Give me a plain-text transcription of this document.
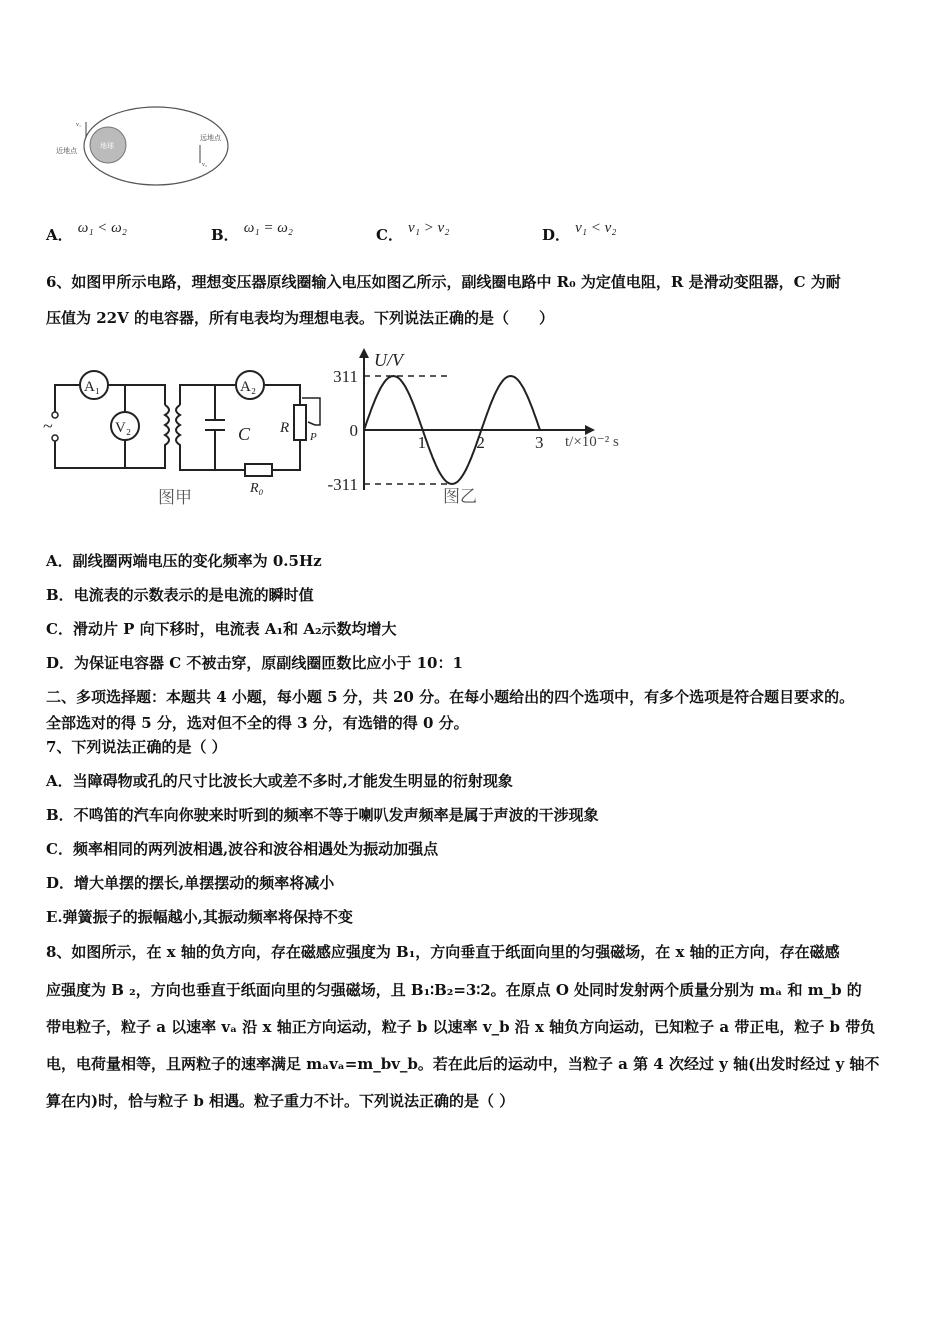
地球
v₁
近地点
v₂
远地点
A． ω₁ < ω₂	B． ω₁ = ω₂	C． v₁ > v₂	D． v₁ < v₂
6、如图甲所示电路，理想变压器原线圈输入电压如图乙所示，副线圈电路中 R₀ 为定值电阻，R 是滑动变阻器，C 为耐
压值为 22V 的电容器，所有电表均为理想电表。下列说法正确的是（　　）
~
A₁
V₂	C
A₂
R
P
R₀
图甲
U/V
t/×10⁻² s
311
0
-311
1	2	3
图乙
A．副线圈两端电压的变化频率为 0.5Hz
B．电流表的示数表示的是电流的瞬时值
C．滑动片 P 向下移时，电流表 A₁和 A₂示数均增大
D．为保证电容器 C 不被击穿，原副线圈匝数比应小于 10：1
二、多项选择题：本题共 4 小题，每小题 5 分，共 20 分。在每小题给出的四个选项中，有多个选项是符合题目要求的。
全部选对的得 5 分，选对但不全的得 3 分，有选错的得 0 分。
7、下列说法正确的是（ ）
A．当障碍物或孔的尺寸比波长大或差不多时,才能发生明显的衍射现象
B．不鸣笛的汽车向你驶来时听到的频率不等于喇叭发声频率是属于声波的干涉现象
C．频率相同的两列波相遇,波谷和波谷相遇处为振动加强点
D．增大单摆的摆长,单摆摆动的频率将减小
E.弹簧振子的振幅越小,其振动频率将保持不变
8、如图所示，在 x 轴的负方向，存在磁感应强度为 B₁，方向垂直于纸面向里的匀强磁场，在 x 轴的正方向，存在磁感
应强度为 B ₂，方向也垂直于纸面向里的匀强磁场，且 B₁∶B₂=3∶2。在原点 O 处同时发射两个质量分别为 mₐ 和 m_b 的
带电粒子，粒子 a 以速率 vₐ 沿 x 轴正方向运动，粒子 b 以速率 v_b 沿 x 轴负方向运动，已知粒子 a 带正电，粒子 b 带负
电，电荷量相等，且两粒子的速率满足 mₐvₐ=m_bv_b。若在此后的运动中，当粒子 a 第 4 次经过 y 轴(出发时经过 y 轴不
算在内)时，恰与粒子 b 相遇。粒子重力不计。下列说法正确的是（ ）
